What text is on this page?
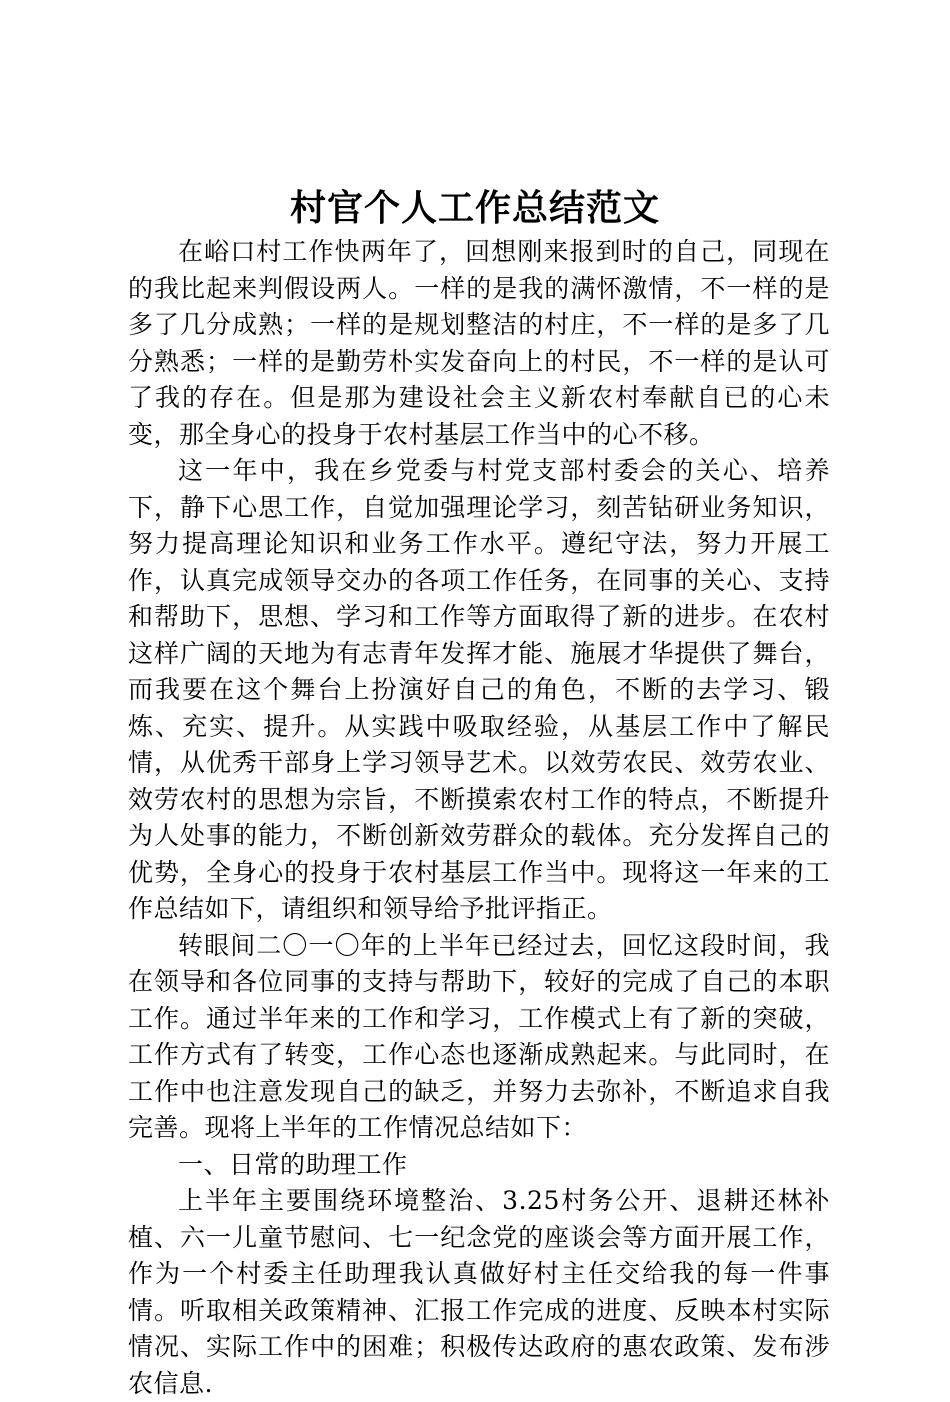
村官个人工作总结范文

在峪口村工作快两年了，回想刚来报到时的自己，同现在的我比起来判假设两人。一样的是我的满怀激情，不一样的是多了几分成熟；一样的是规划整洁的村庄，不一样的是多了几分熟悉；一样的是勤劳朴实发奋向上的村民，不一样的是认可了我的存在。但是那为建设社会主义新农村奉献自已的心未变，那全身心的投身于农村基层工作当中的心不移。

这一年中，我在乡党委与村党支部村委会的关心、培养下，静下心思工作，自觉加强理论学习，刻苦钻研业务知识，努力提高理论知识和业务工作水平。遵纪守法，努力开展工作，认真完成领导交办的各项工作任务，在同事的关心、支持和帮助下，思想、学习和工作等方面取得了新的进步。在农村这样广阔的天地为有志青年发挥才能、施展才华提供了舞台，而我要在这个舞台上扮演好自己的角色，不断的去学习、锻炼、充实、提升。从实践中吸取经验，从基层工作中了解民情，从优秀干部身上学习领导艺术。以效劳农民、效劳农业、效劳农村的思想为宗旨，不断摸索农村工作的特点，不断提升为人处事的能力，不断创新效劳群众的载体。充分发挥自己的优势，全身心的投身于农村基层工作当中。现将这一年来的工作总结如下，请组织和领导给予批评指正。

转眼间二〇一〇年的上半年已经过去，回忆这段时间，我在领导和各位同事的支持与帮助下，较好的完成了自己的本职工作。通过半年来的工作和学习，工作模式上有了新的突破，工作方式有了转变，工作心态也逐渐成熟起来。与此同时，在工作中也注意发现自己的缺乏，并努力去弥补，不断追求自我完善。现将上半年的工作情况总结如下：

一、日常的助理工作

上半年主要围绕环境整治、3.25村务公开、退耕还林补植、六一儿童节慰问、七一纪念党的座谈会等方面开展工作，作为一个村委主任助理我认真做好村主任交给我的每一件事情。听取相关政策精神、汇报工作完成的进度、反映本村实际情况、实际工作中的困难；积极传达政府的惠农政策、发布涉农信息.
